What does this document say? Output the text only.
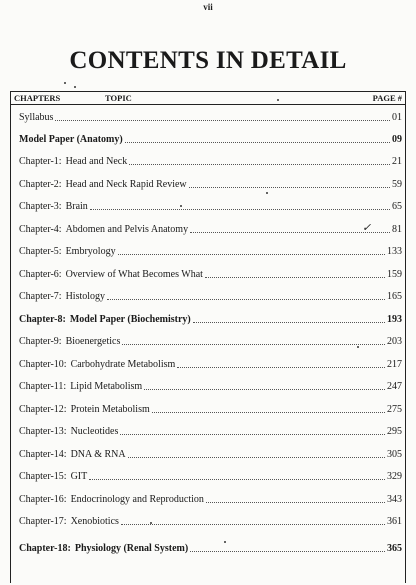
vii
CONTENTS IN DETAIL
CHAPTERS	TOPIC	PAGE #
Syllabus	01
Model Paper (Anatomy)	09
Chapter-1: Head and Neck	21
Chapter-2: Head and Neck Rapid Review	59
Chapter-3: Brain	65
Chapter-4: Abdomen and Pelvis Anatomy	81
Chapter-5: Embryology	133
Chapter-6: Overview of What Becomes What	159
Chapter-7: Histology	165
Chapter-8: Model Paper (Biochemistry)	193
Chapter-9: Bioenergetics	203
Chapter-10: Carbohydrate Metabolism	217
Chapter-11: Lipid Metabolism	247
Chapter-12: Protein Metabolism	275
Chapter-13: Nucleotides	295
Chapter-14: DNA & RNA	305
Chapter-15: GIT	329
Chapter-16: Endocrinology and Reproduction	343
Chapter-17: Xenobiotics	361
Chapter-18: Physiology (Renal System)	365
✓
